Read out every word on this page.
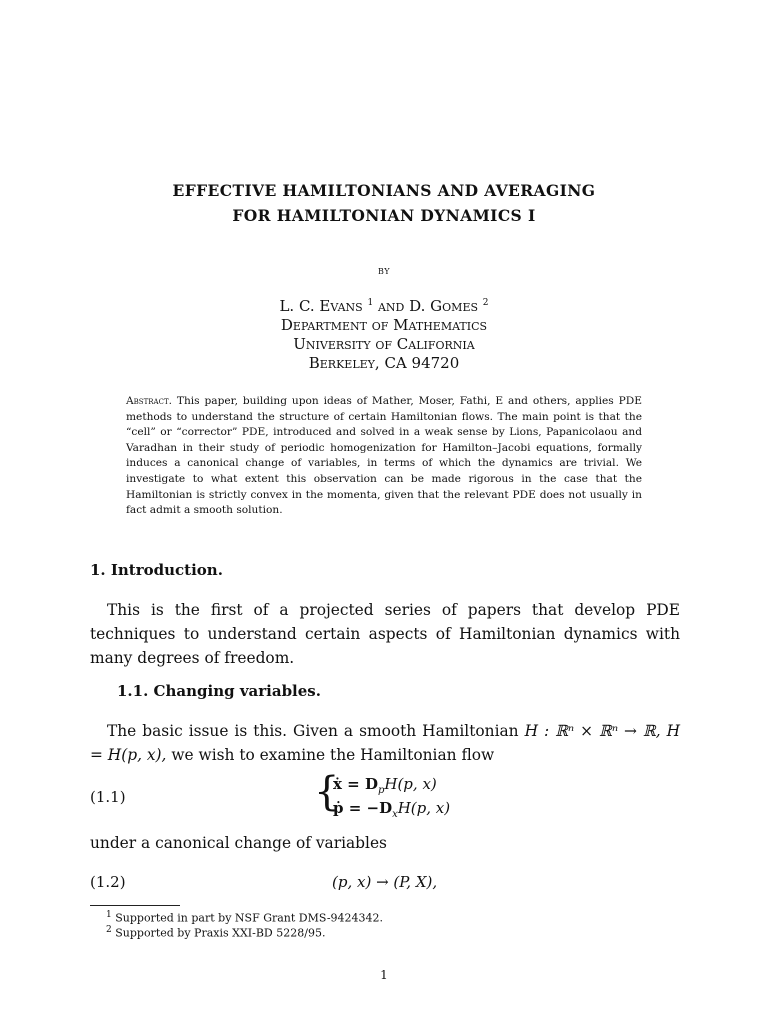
EFFECTIVE HAMILTONIANS AND AVERAGING
FOR HAMILTONIAN DYNAMICS I
by
L. C. Evans $^1$ and D. Gomes $^2$
Department of Mathematics
University of California
Berkeley, CA 94720
Abstract. This paper, building upon ideas of Mather, Moser, Fathi, E and others, applies PDE methods to understand the structure of certain Hamiltonian flows. The main point is that the “cell” or “corrector” PDE, introduced and solved in a weak sense by Lions, Papanicolaou and Varadhan in their study of periodic homogenization for Hamilton–Jacobi equations, formally induces a canonical change of variables, in terms of which the dynamics are trivial. We investigate to what extent this observation can be made rigorous in the case that the Hamiltonian is strictly convex in the momenta, given that the relevant PDE does not usually in fact admit a smooth solution.
1. Introduction.
This is the first of a projected series of papers that develop PDE techniques to understand certain aspects of Hamiltonian dynamics with many degrees of freedom.
1.1. Changing variables.
The basic issue is this. Given a smooth Hamiltonian H : ℝⁿ × ℝⁿ → ℝ, H = H(p, x), we wish to examine the Hamiltonian flow
(1.1)	{
ẋ = $D_pH(p$, x)
ṗ = $-D_xH(p$, x)
under a canonical change of variables
(1.2)	(p, x) → (P, X),
$^1$ Supported in part by NSF Grant DMS-9424342.
$^2$ Supported by Praxis XXI-BD 5228/95.
1
